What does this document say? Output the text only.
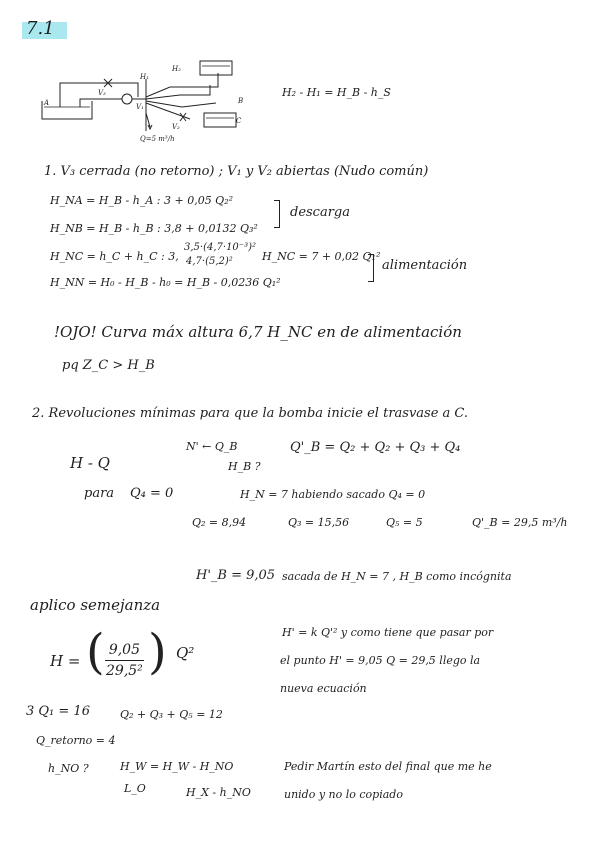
7.1
A
H₁
H₂
V₁
V₂
V₃
Q=5 m³/h
B
C
H₂ - H₁ = H_B - h_S
1. V₃ cerrada (no retorno) ; V₁ y V₂ abiertas (Nudo común)
H_NA = H_B - h_A : 3 + 0,05 Q₂²
H_NB = H_B - h_B : 3,8 + 0,0132 Q₃²
descarga
H_NC = h_C + h_C : 3,
3,5·(4,7·10⁻³)²
4,7·(5,2)²	H_NC = 7 + 0,02 Q₁²
H_NN = H₀ - H_B - h₀ = H_B - 0,0236 Q₁²
alimentación
!OJO! Curva máx altura 6,7 H_NC en de alimentación
pq Z_C > H_B
2. Revoluciones mínimas para que la bomba inicie el trasvase a C.
N' ← Q_B
H_B ?
Q'_B = Q₂ + Q₂ + Q₃ + Q₄
H - Q
para Q₄ = 0	H_N = 7 habiendo sacado Q₄ = 0
Q₂ = 8,94	Q₃ = 15,56	Q₅ = 5	Q'_B = 29,5 m³/h
H'_B = 9,05 sacada de H_N = 7 , H_B como incógnita
aplico semejanza
H = (
$\frac{9,05}{\text{29,5²}}$ ) Q²
H' = k Q'² y como tiene que pasar por
el punto H' = 9,05 Q = 29,5 llego la
nueva ecuación
3 Q₁ = 16	Q₂ + Q₃ + Q₅ = 12
Q_retorno = 4
h_NO ?	H_W = H_W - H_NO
L_O	H_X - h_NO
Pedir Martín esto del final que me he
unido y no lo copiado
